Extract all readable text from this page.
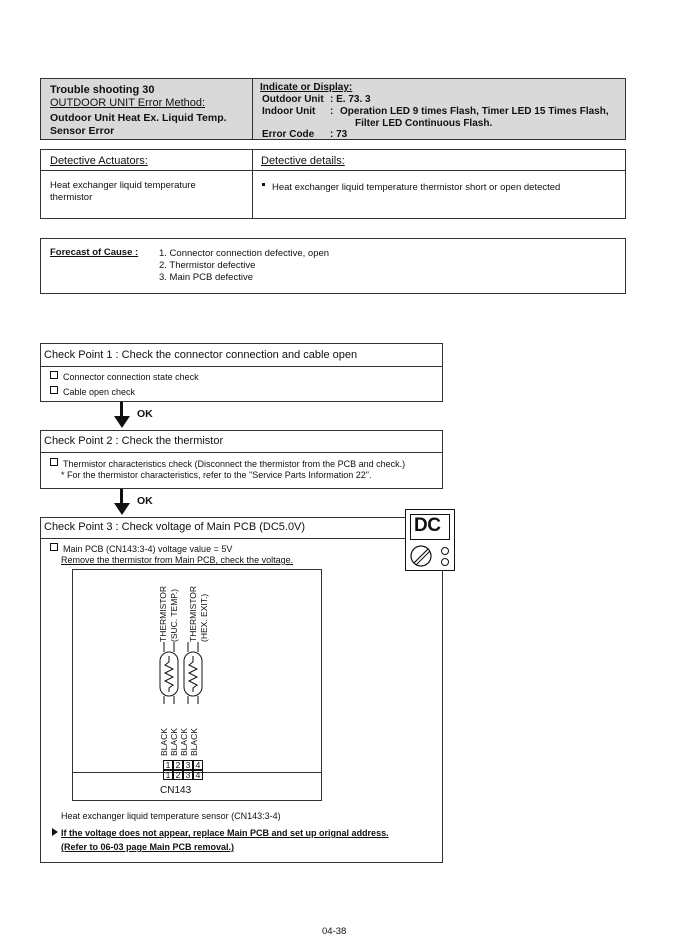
Trouble shooting 30
OUTDOOR UNIT Error Method:
Outdoor Unit Heat Ex. Liquid Temp.
Sensor Error
Indicate or Display:
Outdoor Unit : E. 73. 3
Indoor Unit : Operation LED 9 times Flash, Timer LED 15 Times Flash,
Filter LED Continuous Flash.
Error Code : 73
Detective Actuators:
Heat exchanger liquid temperature
thermistor
Detective details:
Heat exchanger liquid temperature thermistor short or open detected
Forecast of Cause : 1. Connector connection defective, open
2. Thermistor defective
3. Main PCB defective
Check Point 1 : Check the connector connection and cable open
Connector connection state check
Cable open check
OK
Check Point 2 : Check the thermistor
Thermistor characteristics check (Disconnect the thermistor from the PCB and check.)
* For the thermistor characteristics, refer to the "Service Parts Information 22".
OK
Check Point 3 : Check voltage of Main PCB (DC5.0V)
Main PCB (CN143:3-4) voltage value = 5V
Remove the thermistor from Main PCB, check the voltage.
THERMISTOR (SUC. TEMP.) THERMISTOR (HEX. EXIT.)
BLACK BLACK BLACK BLACK
1 2 3 4
1 2 3 4
CN143
Heat exchanger liquid temperature sensor (CN143:3-4)
If the voltage does not appear, replace Main PCB and set up orignal address.
(Refer to 06-03 page Main PCB removal.)
DC
04-38
